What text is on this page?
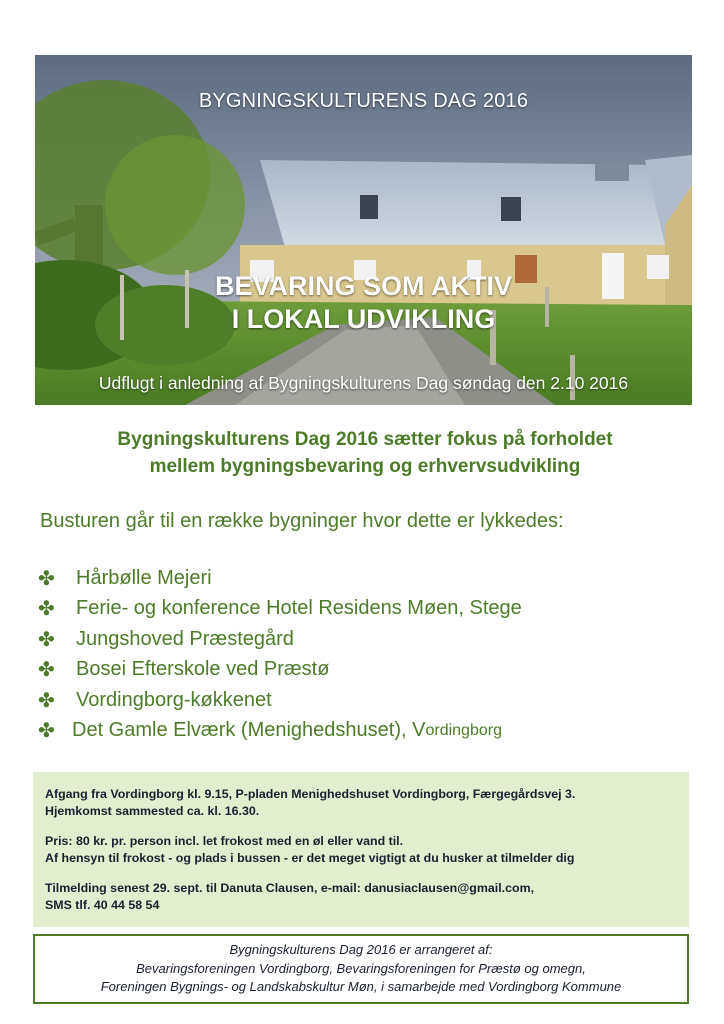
BYGNINGSKULTURENS DAG 2016
BEVARING SOM AKTIV
I LOKAL UDVIKLING
Udflugt i anledning af Bygningskulturens Dag søndag den 2.10 2016
Bygningskulturens Dag 2016 sætter fokus på forholdet
mellem bygningsbevaring og erhvervsudvikling
Busturen går til en række bygninger hvor dette er lykkedes:
✤	Hårbølle Mejeri
✤	Ferie- og konference Hotel Residens Møen, Stege
✤	Jungshoved Præstegård
✤	Bosei Efterskole ved Præstø
✤	Vordingborg-køkkenet
✤ Det Gamle Elværk (Menighedshuset), V ordingborg

Afgang fra Vordingborg kl. 9.15, P-pladen Menighedshuset Vordingborg, Færgegårdsvej 3.
Hjemkomst sammested ca. kl. 16.30.

Pris: 80 kr. pr. person incl. let frokost med en øl eller vand til.
Af hensyn til frokost - og plads i bussen - er det meget vigtigt at du husker at tilmelder dig

Tilmelding senest 29. sept. til Danuta Clausen, e-mail: danusiaclausen@gmail.com,
SMS tlf. 40 44 58 54

Bygningskulturens Dag 2016 er arrangeret af:
Bevaringsforeningen Vordingborg, Bevaringsforeningen for Præstø og omegn,
Foreningen Bygnings- og Landskabskultur Møn, i samarbejde med Vordingborg Kommune
